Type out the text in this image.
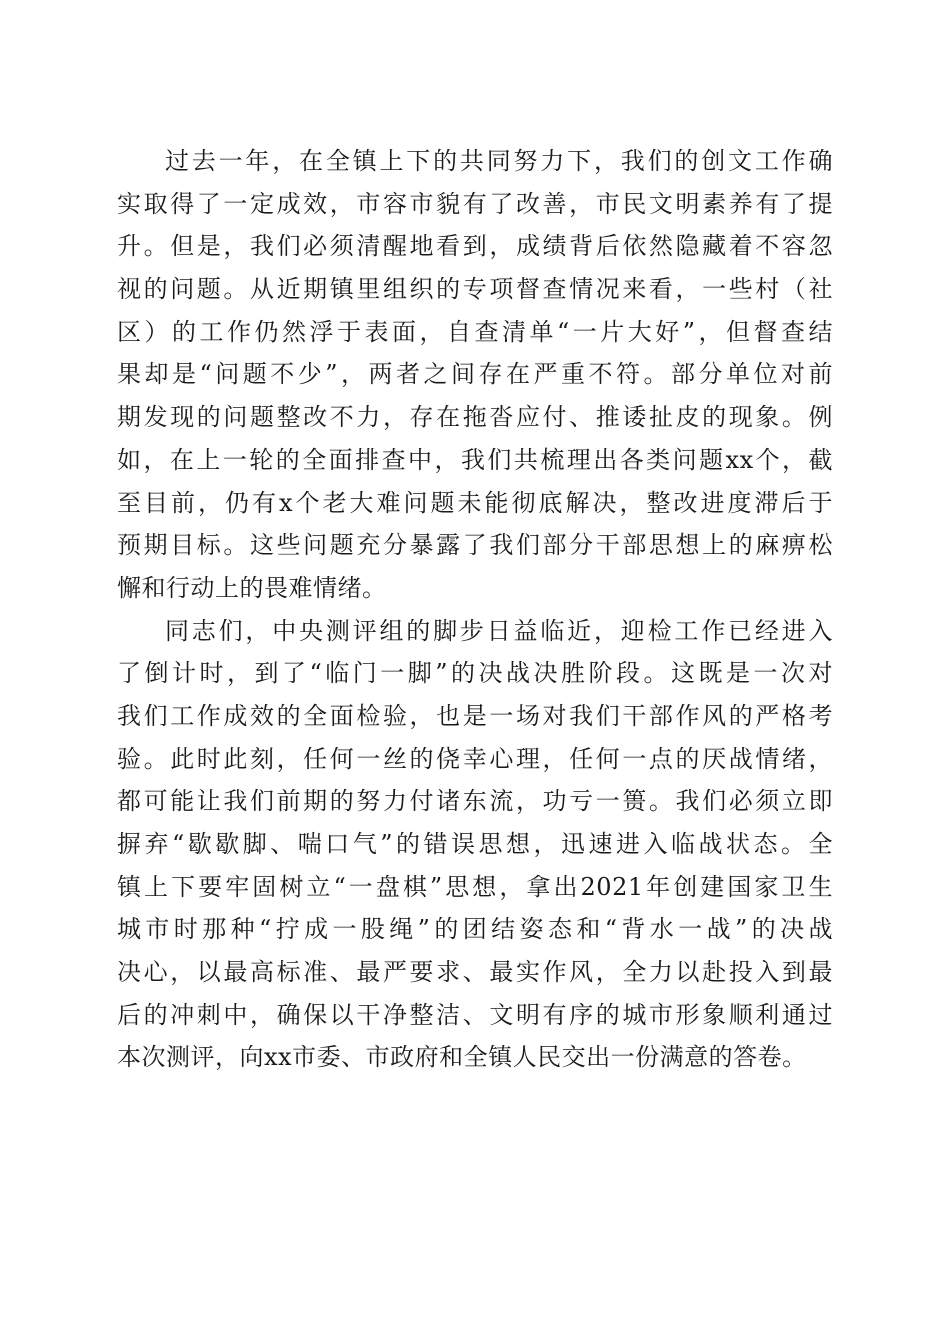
过去一年，在全镇上下的共同努力下，我们的创文工作确
实取得了一定成效，市容市貌有了改善，市民文明素养有了提
升。但是，我们必须清醒地看到，成绩背后依然隐藏着不容忽
视的问题。从近期镇里组织的专项督查情况来看，一些村（社
区）的工作仍然浮于表面，自查清单“一片大好”，但督查结
果却是“问题不少”，两者之间存在严重不符。部分单位对前
期发现的问题整改不力，存在拖沓应付、推诿扯皮的现象。例
如，在上一轮的全面排查中，我们共梳理出各类问题xx个，截
至目前，仍有x个老大难问题未能彻底解决，整改进度滞后于
预期目标。这些问题充分暴露了我们部分干部思想上的麻痹松
懈和行动上的畏难情绪。
同志们，中央测评组的脚步日益临近，迎检工作已经进入
了倒计时，到了“临门一脚”的决战决胜阶段。这既是一次对
我们工作成效的全面检验，也是一场对我们干部作风的严格考
验。此时此刻，任何一丝的侥幸心理，任何一点的厌战情绪，
都可能让我们前期的努力付诸东流，功亏一篑。我们必须立即
摒弃“歇歇脚、喘口气”的错误思想，迅速进入临战状态。全
镇上下要牢固树立“一盘棋”思想，拿出2021年创建国家卫生
城市时那种“拧成一股绳”的团结姿态和“背水一战”的决战
决心，以最高标准、最严要求、最实作风，全力以赴投入到最
后的冲刺中，确保以干净整洁、文明有序的城市形象顺利通过
本次测评，向xx市委、市政府和全镇人民交出一份满意的答卷。
